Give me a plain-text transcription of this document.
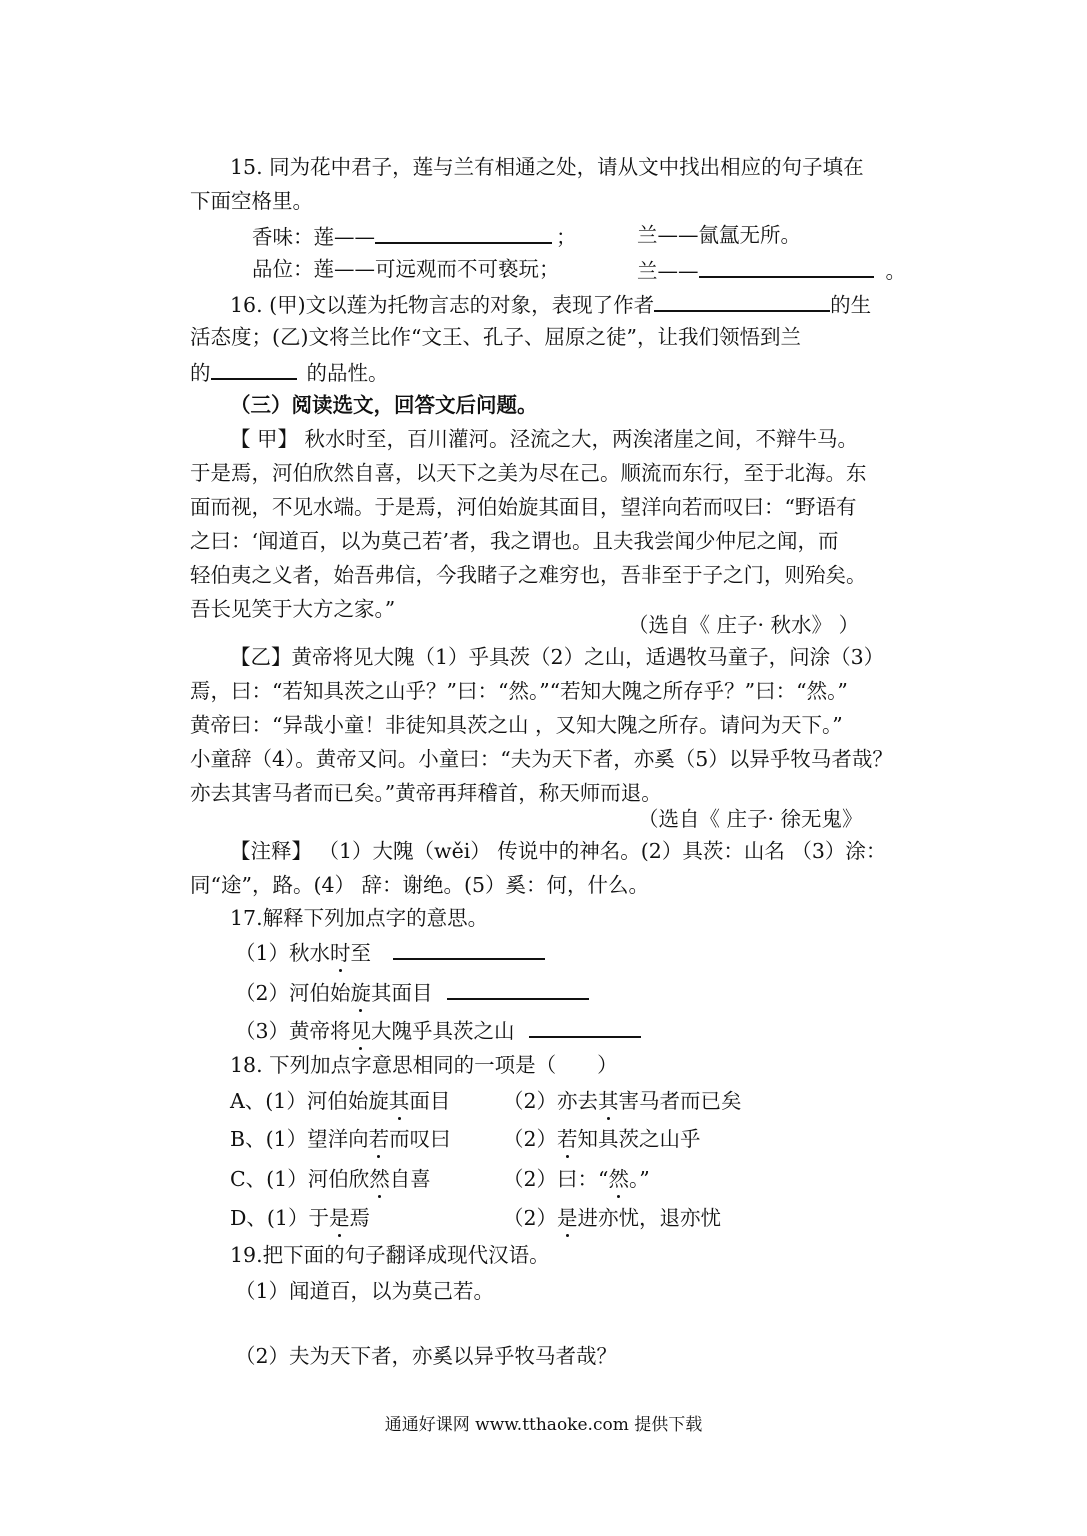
15. 同为花中君子，莲与兰有相通之处，请从文中找出相应的句子填在
下面空格里。
香味：莲——	；	兰——氤氲无所。
品位：莲——可远观而不可亵玩；	兰——	。
16. (甲)文以莲为托物言志的对象，表现了作者	的生
活态度；(乙)文将兰比作“文王、孔子、屈原之徒”，让我们领悟到兰
的	的品性。
（三）阅读选文，回答文后问题。
【 甲】 秋水时至，百川灌河。泾流之大，两涘渚崖之间，不辩牛马。
于是焉，河伯欣然自喜，以天下之美为尽在己。顺流而东行，至于北海。东
面而视，不见水端。于是焉，河伯始旋其面目，望洋向若而叹曰：“野语有
之曰：‘闻道百，以为莫己若’者，我之谓也。且夫我尝闻少仲尼之闻，而
轻伯夷之义者，始吾弗信，今我睹子之难穷也，吾非至于子之门，则殆矣。
吾长见笑于大方之家。”
（选自《 庄子· 秋水》 ）
【乙】黄帝将见大隗（1）乎具茨（2）之山，适遇牧马童子，问涂（3）
焉，曰：“若知具茨之山乎？”曰：“然。”“若知大隗之所存乎？”曰：“然。”
黄帝曰：“异哉小童！非徒知具茨之山 ，又知大隗之所存。请问为天下。”
小童辞（4）。黄帝又问。小童曰：“夫为天下者，亦奚（5）以异乎牧马者哉？
亦去其害马者而已矣。”黄帝再拜稽首，称天师而退。
（选自《 庄子· 徐无鬼》
【注释】 （1）大隗（wěi） 传说中的神名。(2）具茨：山名 （3）涂：
同“途”，路。(4） 辞：谢绝。(5）奚：何，什么。
17.解释下列加点字的意思。
（1）秋水时至
（2）河伯始旋其面目
（3）黄帝将见大隗乎具茨之山
18. 下列加点字意思相同的一项是（　　）
A、(1）河伯始旋其面目	（2）亦去其害马者而已矣
B、(1）望洋向若而叹曰	（2）若知具茨之山乎
C、(1）河伯欣然自喜	（2）曰：“然。”
D、(1）于是焉	（2）是进亦忧，退亦忧
19.把下面的句子翻译成现代汉语。
（1）闻道百，以为莫己若。
（2）夫为天下者，亦奚以异乎牧马者哉？
通通好课网 www.tthaoke.com 提供下载
